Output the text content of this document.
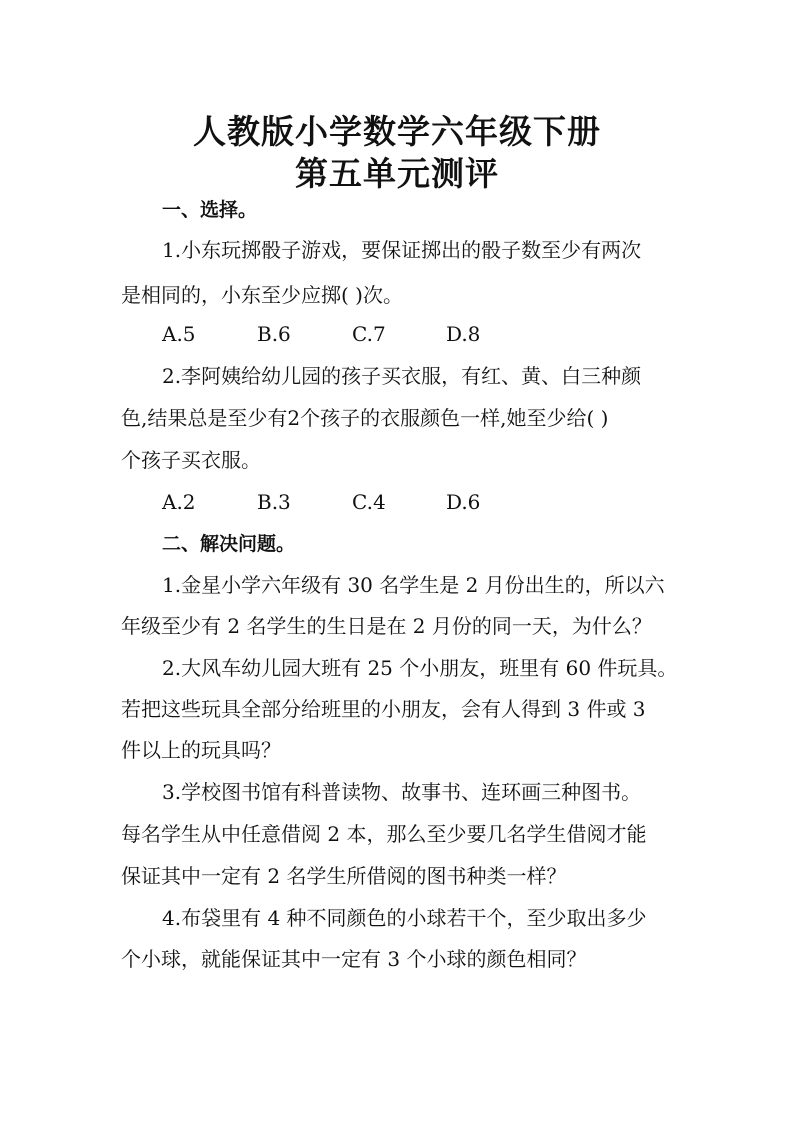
人教版小学数学六年级下册
第五单元测评
一、选择。
1.小东玩掷骰子游戏，要保证掷出的骰子数至少有两次
是相同的，小东至少应掷( )次。
A.5	B.6	C.7	D.8
2.李阿姨给幼儿园的孩子买衣服，有红、黄、白三种颜
色,结果总是至少有2个孩子的衣服颜色一样,她至少给( )
个孩子买衣服。
A.2	B.3	C.4	D.6
二、解决问题。
1.金星小学六年级有 30 名学生是 2 月份出生的，所以六
年级至少有 2 名学生的生日是在 2 月份的同一天，为什么？
2.大风车幼儿园大班有 25 个小朋友，班里有 60 件玩具。
若把这些玩具全部分给班里的小朋友，会有人得到 3 件或 3
件以上的玩具吗？
3.学校图书馆有科普读物、故事书、连环画三种图书。
每名学生从中任意借阅 2 本，那么至少要几名学生借阅才能
保证其中一定有 2 名学生所借阅的图书种类一样？
4.布袋里有 4 种不同颜色的小球若干个，至少取出多少
个小球，就能保证其中一定有 3 个小球的颜色相同？
